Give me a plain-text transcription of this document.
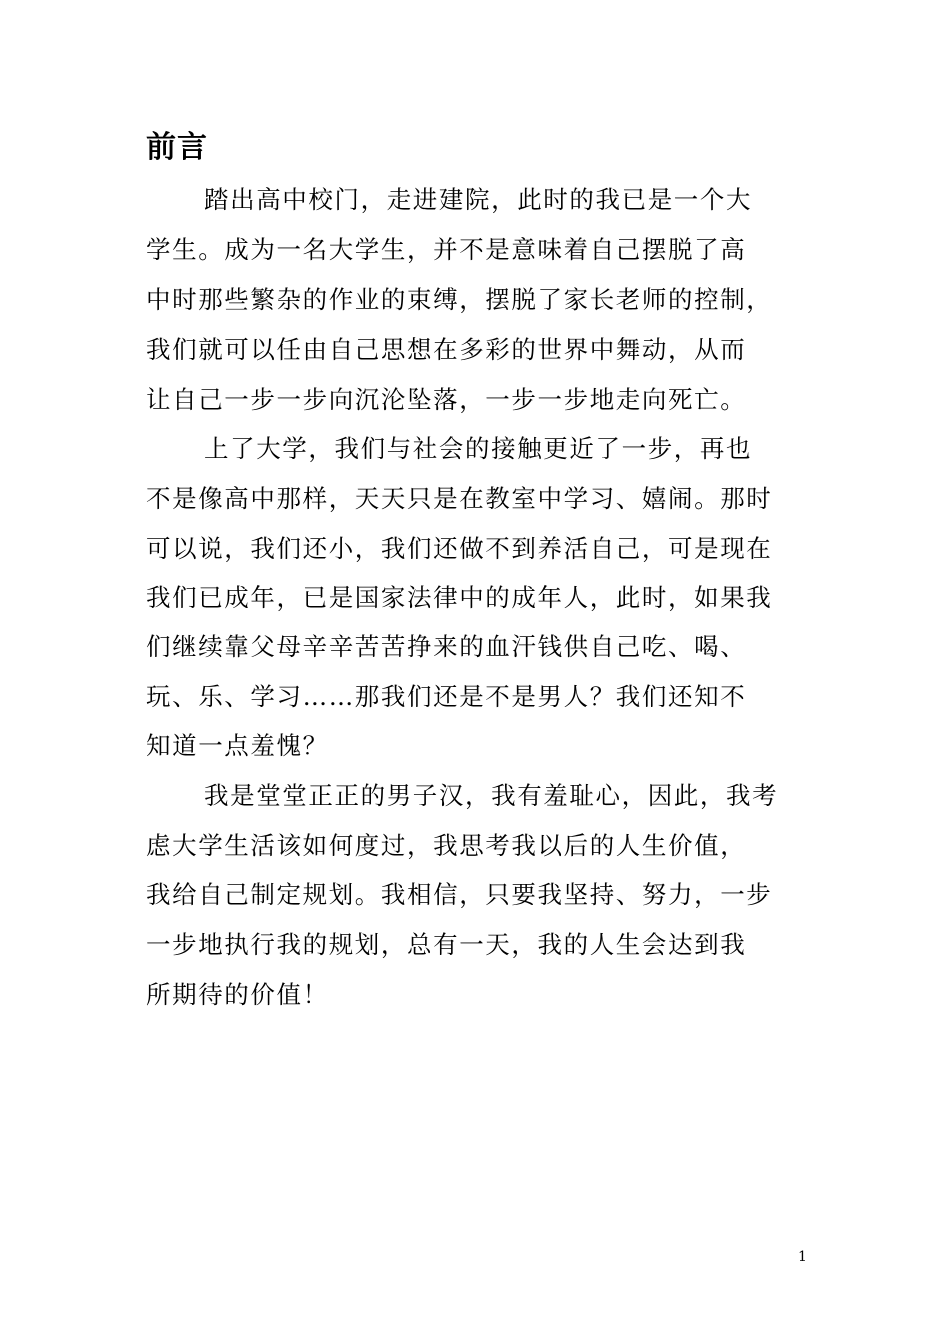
前言
踏出高中校门，走进建院，此时的我已是一个大
学生。成为一名大学生，并不是意味着自己摆脱了高
中时那些繁杂的作业的束缚，摆脱了家长老师的控制，
我们就可以任由自己思想在多彩的世界中舞动，从而
让自己一步一步向沉沦坠落，一步一步地走向死亡。
上了大学，我们与社会的接触更近了一步，再也
不是像高中那样，天天只是在教室中学习、嬉闹。那时
可以说，我们还小，我们还做不到养活自己，可是现在
我们已成年，已是国家法律中的成年人，此时，如果我
们继续靠父母辛辛苦苦挣来的血汗钱供自己吃、喝、
玩、乐、学习……那我们还是不是男人？我们还知不
知道一点羞愧？
我是堂堂正正的男子汉，我有羞耻心，因此，我考
虑大学生活该如何度过，我思考我以后的人生价值，
我给自己制定规划。我相信，只要我坚持、努力，一步
一步地执行我的规划，总有一天，我的人生会达到我
所期待的价值！
1
